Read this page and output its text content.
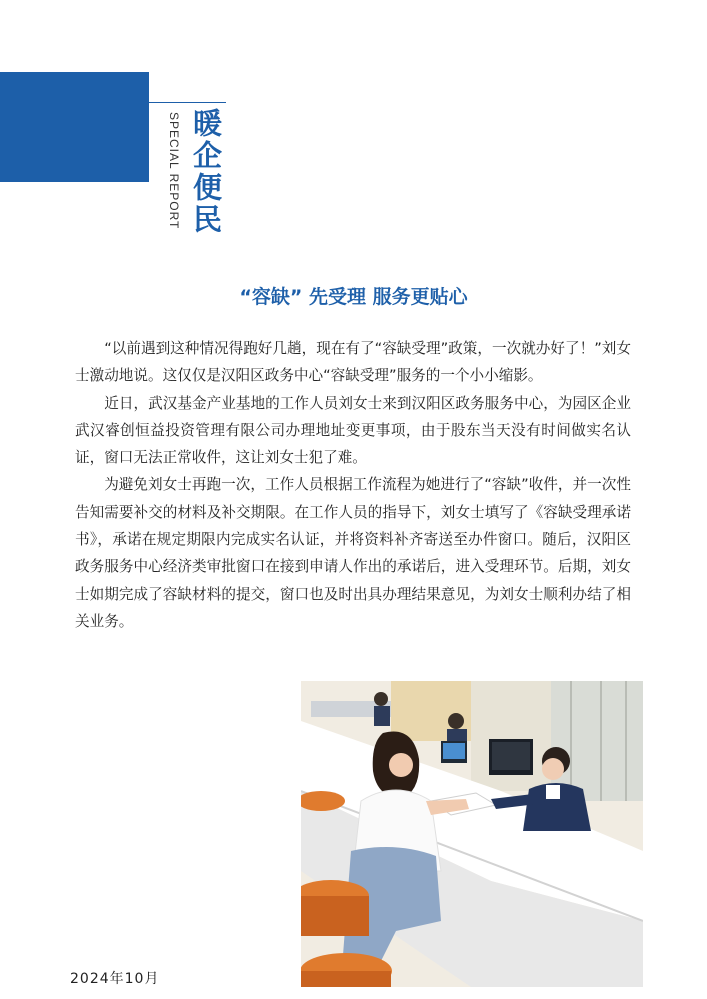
SPECIAL REPORT 暖企便民
“容缺” 先受理 服务更贴心

“以前遇到这种情况得跑好几趟，现在有了“容缺受理”政策，一次就办好了！”刘女士激动地说。这仅仅是汉阳区政务中心“容缺受理”服务的一个小小缩影。

近日，武汉基金产业基地的工作人员刘女士来到汉阳区政务服务中心，为园区企业武汉睿创恒益投资管理有限公司办理地址变更事项，由于股东当天没有时间做实名认证，窗口无法正常收件，这让刘女士犯了难。

为避免刘女士再跑一次，工作人员根据工作流程为她进行了“容缺”收件，并一次性告知需要补交的材料及补交期限。在工作人员的指导下，刘女士填写了《容缺受理承诺书》，承诺在规定期限内完成实名认证，并将资料补齐寄送至办件窗口。随后，汉阳区政务服务中心经济类审批窗口在接到申请人作出的承诺后，进入受理环节。后期，刘女士如期完成了容缺材料的提交，窗口也及时出具办理结果意见，为刘女士顺利办结了相关业务。

2024年10月
